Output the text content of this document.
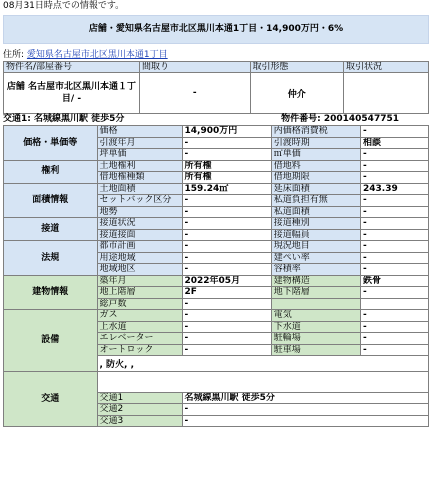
08月31日時点での情報です。
店舗・愛知県名古屋市北区黒川本通1丁目・14,900万円・6%
住所: 愛知県名古屋市北区黒川本通1丁目
物件名/部屋番号	間取り	取引形態	取引状況
店舗 名古屋市北区黒川本通１丁目/ -	-	仲介	
交通1: 名城線黒川駅 徒歩5分	物件番号: 200140547751
価格・単価等	価格	14,900万円	内価格消費税	-
	引渡年月	-	引渡時期	相談
	坪単価	-	㎡単価	-
権利	土地権利	所有権	借地料	-
	借地権種類	所有権	借地期限	-
面積情報	土地面積	159.24㎡	延床面積	243.39
	セットバック区分	-	私道負担有無	-
	地勢	-	私道面積	-
接道	接道状況	-	接道種別	-
	接道接面	-	接道幅員	-
法規	都市計画	-	現況地目	-
	用途地域	-	建ぺい率	-
	地域地区	-	容積率	-
建物情報	築年月	2022年05月	建物構造	鉄骨
	地上階層	2F	地下階層	-
	総戸数	-		
設備	ガス	-	電気	-
	上水道	-	下水道	-
	エレベーター	-	駐輪場	-
	オートロック	-	駐車場	-
	, 防火, ,			
交通				
	交通1	名城線黒川駅 徒歩5分		
	交通2	-		
	交通3	-		
